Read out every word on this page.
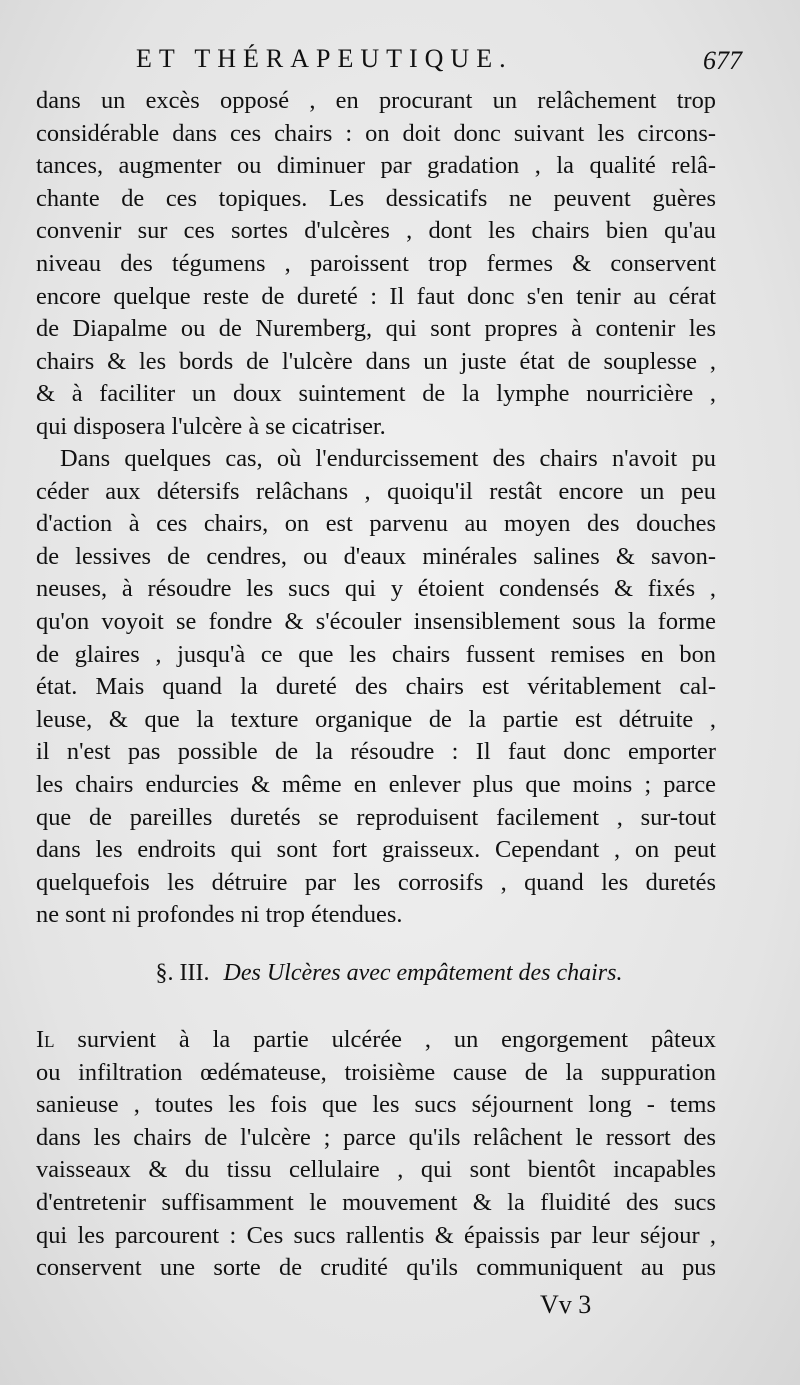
ET THÉRAPEUTIQUE.	677
dans un excès opposé , en procurant un relâchement trop
considérable dans ces chairs : on doit donc suivant les circons-
tances, augmenter ou diminuer par gradation , la qualité relâ-
chante de ces topiques. Les dessicatifs ne peuvent guères
convenir sur ces sortes d'ulcères , dont les chairs bien qu'au
niveau des tégumens , paroissent trop fermes & conservent
encore quelque reste de dureté : Il faut donc s'en tenir au cérat
de Diapalme ou de Nuremberg, qui sont propres à contenir les
chairs & les bords de l'ulcère dans un juste état de souplesse ,
& à faciliter un doux suintement de la lymphe nourricière ,
qui disposera l'ulcère à se cicatriser.
Dans quelques cas, où l'endurcissement des chairs n'avoit pu
céder aux détersifs relâchans , quoiqu'il restât encore un peu
d'action à ces chairs, on est parvenu au moyen des douches
de lessives de cendres, ou d'eaux minérales salines & savon-
neuses, à résoudre les sucs qui y étoient condensés & fixés ,
qu'on voyoit se fondre & s'écouler insensiblement sous la forme
de glaires , jusqu'à ce que les chairs fussent remises en bon
état. Mais quand la dureté des chairs est véritablement cal-
leuse, & que la texture organique de la partie est détruite ,
il n'est pas possible de la résoudre : Il faut donc emporter
les chairs endurcies & même en enlever plus que moins ; parce
que de pareilles duretés se reproduisent facilement , sur-tout
dans les endroits qui sont fort graisseux. Cependant , on peut
quelquefois les détruire par les corrosifs , quand les duretés
ne sont ni profondes ni trop étendues.
§. III. Des Ulcères avec empâtement des chairs.
Il survient à la partie ulcérée , un engorgement pâteux
ou infiltration œdémateuse, troisième cause de la suppuration
sanieuse , toutes les fois que les sucs séjournent long - tems
dans les chairs de l'ulcère ; parce qu'ils relâchent le ressort des
vaisseaux & du tissu cellulaire , qui sont bientôt incapables
d'entretenir suffisamment le mouvement & la fluidité des sucs
qui les parcourent : Ces sucs rallentis & épaissis par leur séjour ,
conservent une sorte de crudité qu'ils communiquent au pus
Vv 3
